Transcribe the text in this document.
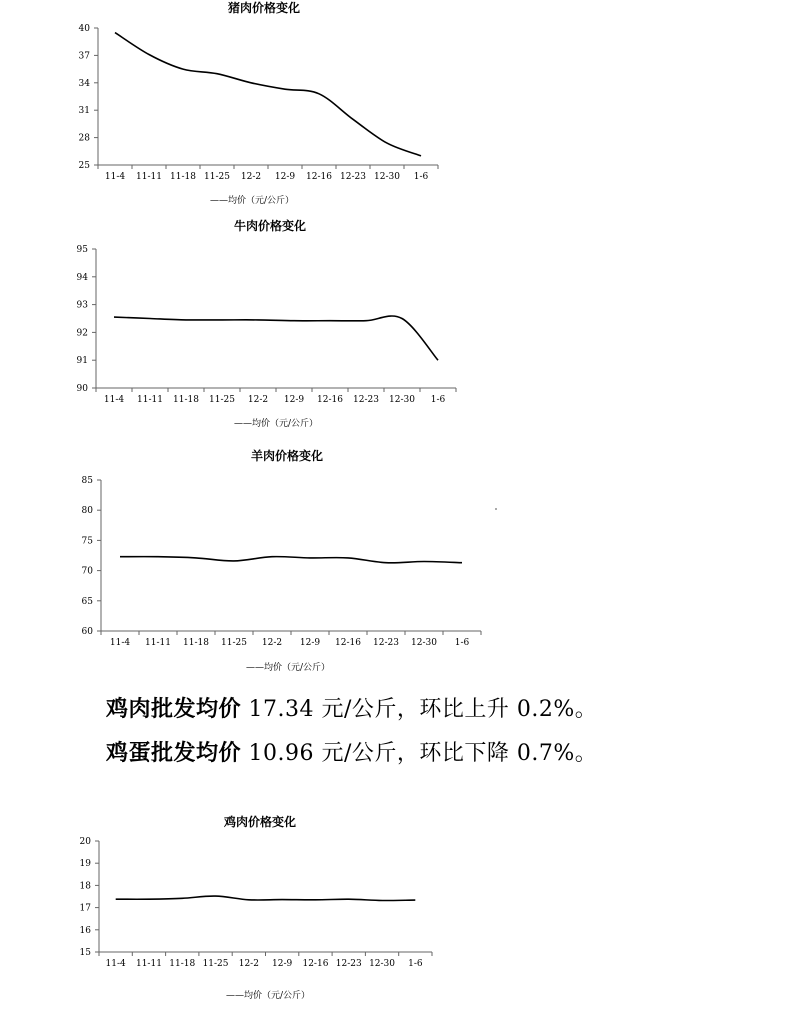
猪肉价格变化
25
28
31
34
37
40
11-4 11-11 11-18 11-25 12-2 12-9 12-16 12-23 12-30 1-6
——均价（元/公斤）
牛肉价格变化
90
91
92
93
94
95
11-4 11-11 11-18 11-25 12-2 12-9 12-16 12-23 12-30 1-6
——均价（元/公斤）
羊肉价格变化
60
65
70
75
80
85
11-4 11-11 11-18 11-25 12-2 12-9 12-16 12-23 12-30 1-6
——均价（元/公斤）
鸡肉批发均价 17.34 元/公斤，环比上升 0.2%。
鸡蛋批发均价 10.96 元/公斤，环比下降 0.7%。
鸡肉价格变化
15
16
17
18
19
20
11-4 11-11 11-18 11-25 12-2 12-9 12-16 12-23 12-30 1-6
——均价（元/公斤）
